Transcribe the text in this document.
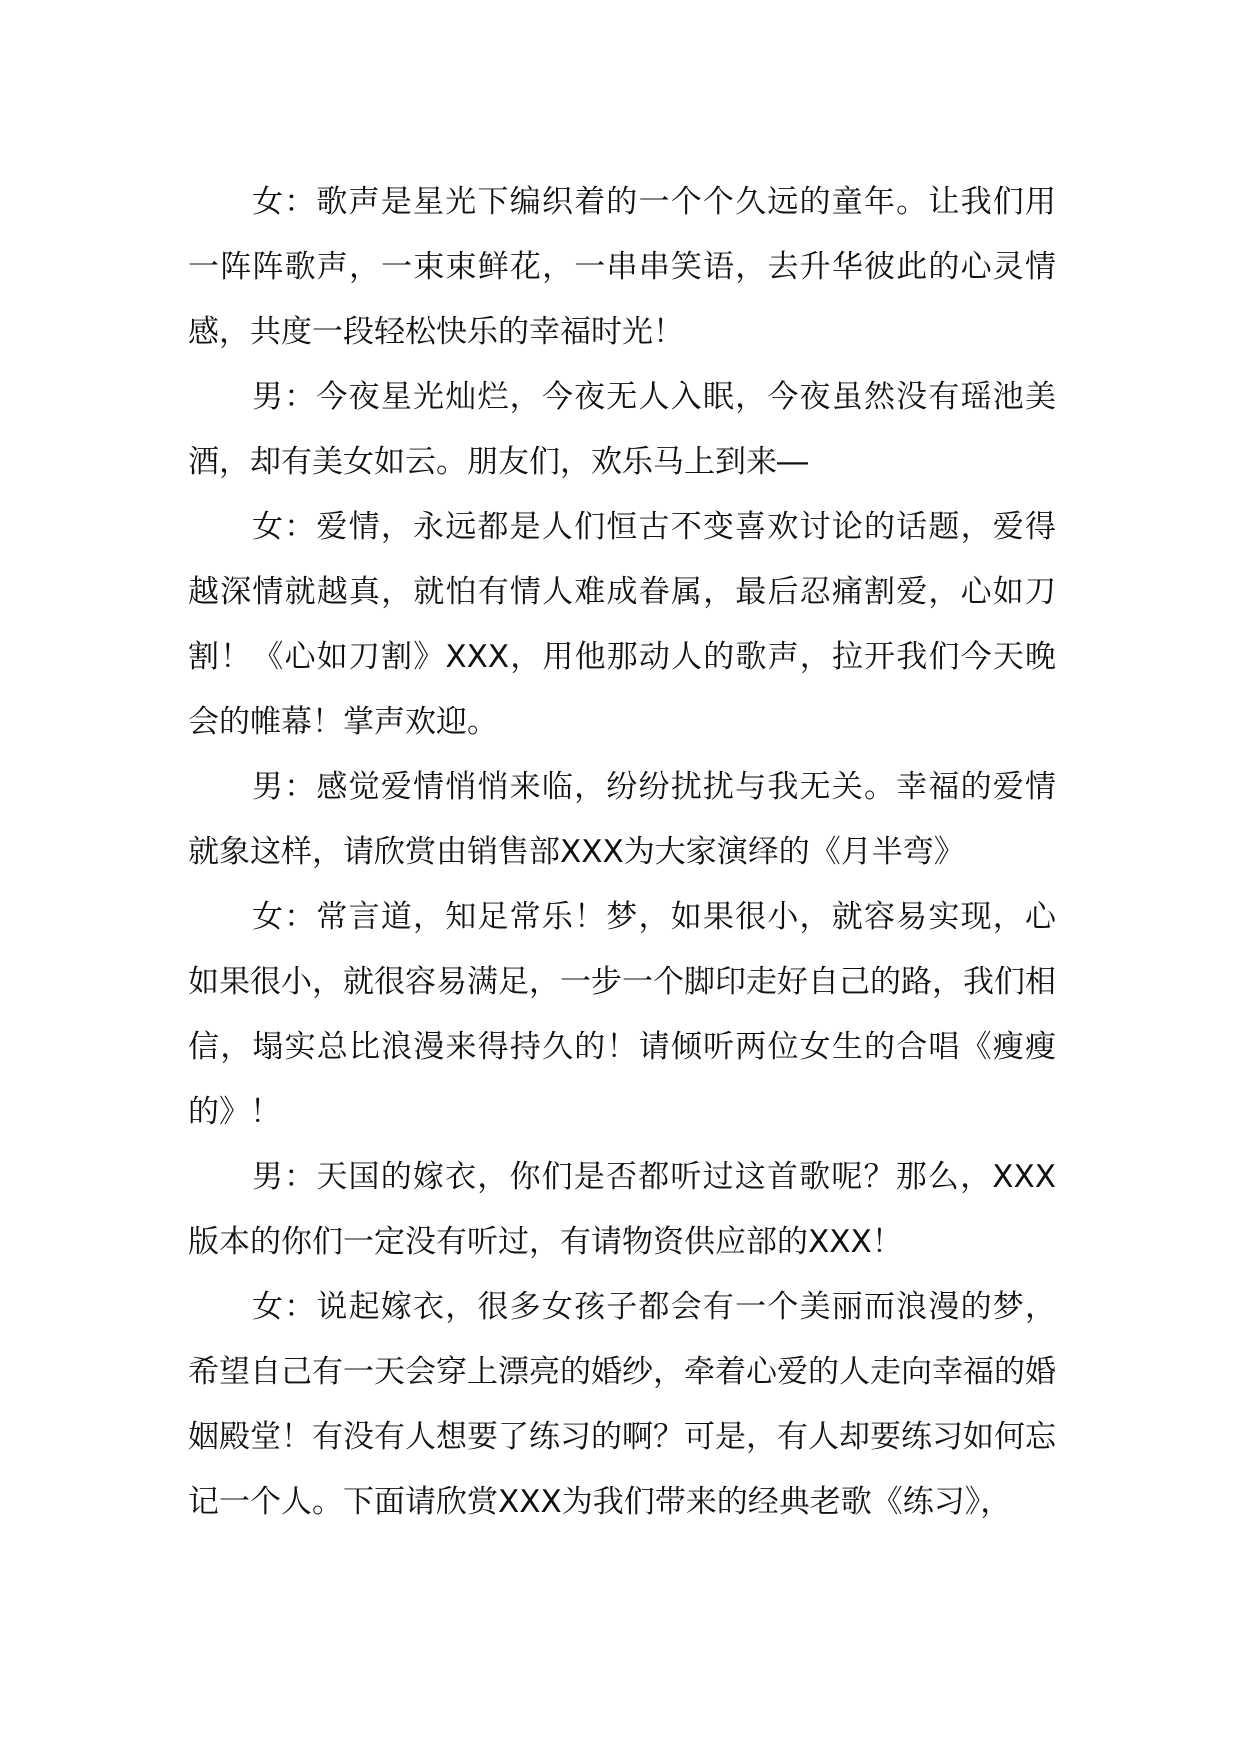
女：歌声是星光下编织着的一个个久远的童年。让我们用一阵阵歌声，一束束鲜花，一串串笑语，去升华彼此的心灵情感，共度一段轻松快乐的幸福时光！

男：今夜星光灿烂，今夜无人入眠，今夜虽然没有瑶池美酒，却有美女如云。朋友们，欢乐马上到来―

女：爱情，永远都是人们恒古不变喜欢讨论的话题，爱得越深情就越真，就怕有情人难成眷属，最后忍痛割爱，心如刀割！《心如刀割》XXX，用他那动人的歌声，拉开我们今天晚会的帷幕！掌声欢迎。

男：感觉爱情悄悄来临，纷纷扰扰与我无关。幸福的爱情就象这样，请欣赏由销售部XXX为大家演绎的《月半弯》

女：常言道，知足常乐！梦，如果很小，就容易实现，心如果很小，就很容易满足，一步一个脚印走好自己的路，我们相信，塌实总比浪漫来得持久的！请倾听两位女生的合唱《瘦瘦的》！

男：天国的嫁衣，你们是否都听过这首歌呢？那么，XXX版本的你们一定没有听过，有请物资供应部的XXX！

女：说起嫁衣，很多女孩子都会有一个美丽而浪漫的梦，希望自己有一天会穿上漂亮的婚纱，牵着心爱的人走向幸福的婚姻殿堂！有没有人想要了练习的啊？可是，有人却要练习如何忘记一个人。下面请欣赏XXX为我们带来的经典老歌《练习》，
